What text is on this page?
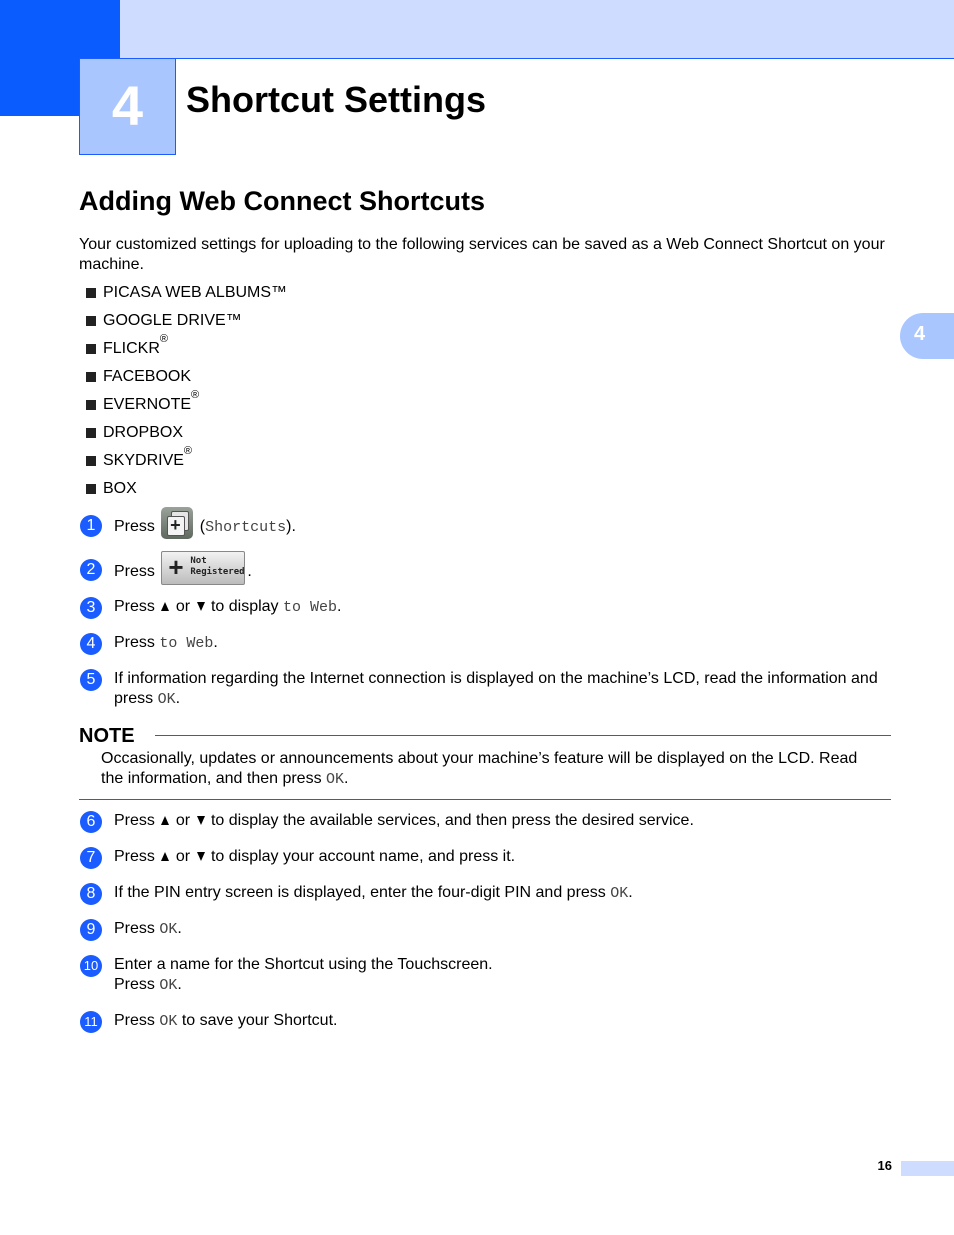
4	Shortcut Settings
4
Adding Web Connect Shortcuts
Your customized settings for uploading to the following services can be saved as a Web Connect Shortcut on your machine.
PICASA WEB ALBUMS™
GOOGLE DRIVE™
FLICKR
®
FACEBOOK
EVERNOTE
®
DROPBOX
SKYDRIVE
®
BOX
1	Press + (Shortcuts).
2	Press + Not
Registered .
3	Press or to display to Web.
4	Press to Web.
5	If information regarding the Internet connection is displayed on the machine’s LCD, read the information and press OK.
NOTE
Occasionally, updates or announcements about your machine’s feature will be displayed on the LCD. Read the information, and then press OK.
6	Press or to display the available services, and then press the desired service.
7	Press or to display your account name, and press it.
8	If the PIN entry screen is displayed, enter the four-digit PIN and press OK.
9	Press OK.
10 Enter a name for the Shortcut using the Touchscreen.
Press OK.
11 Press OK to save your Shortcut.
16
